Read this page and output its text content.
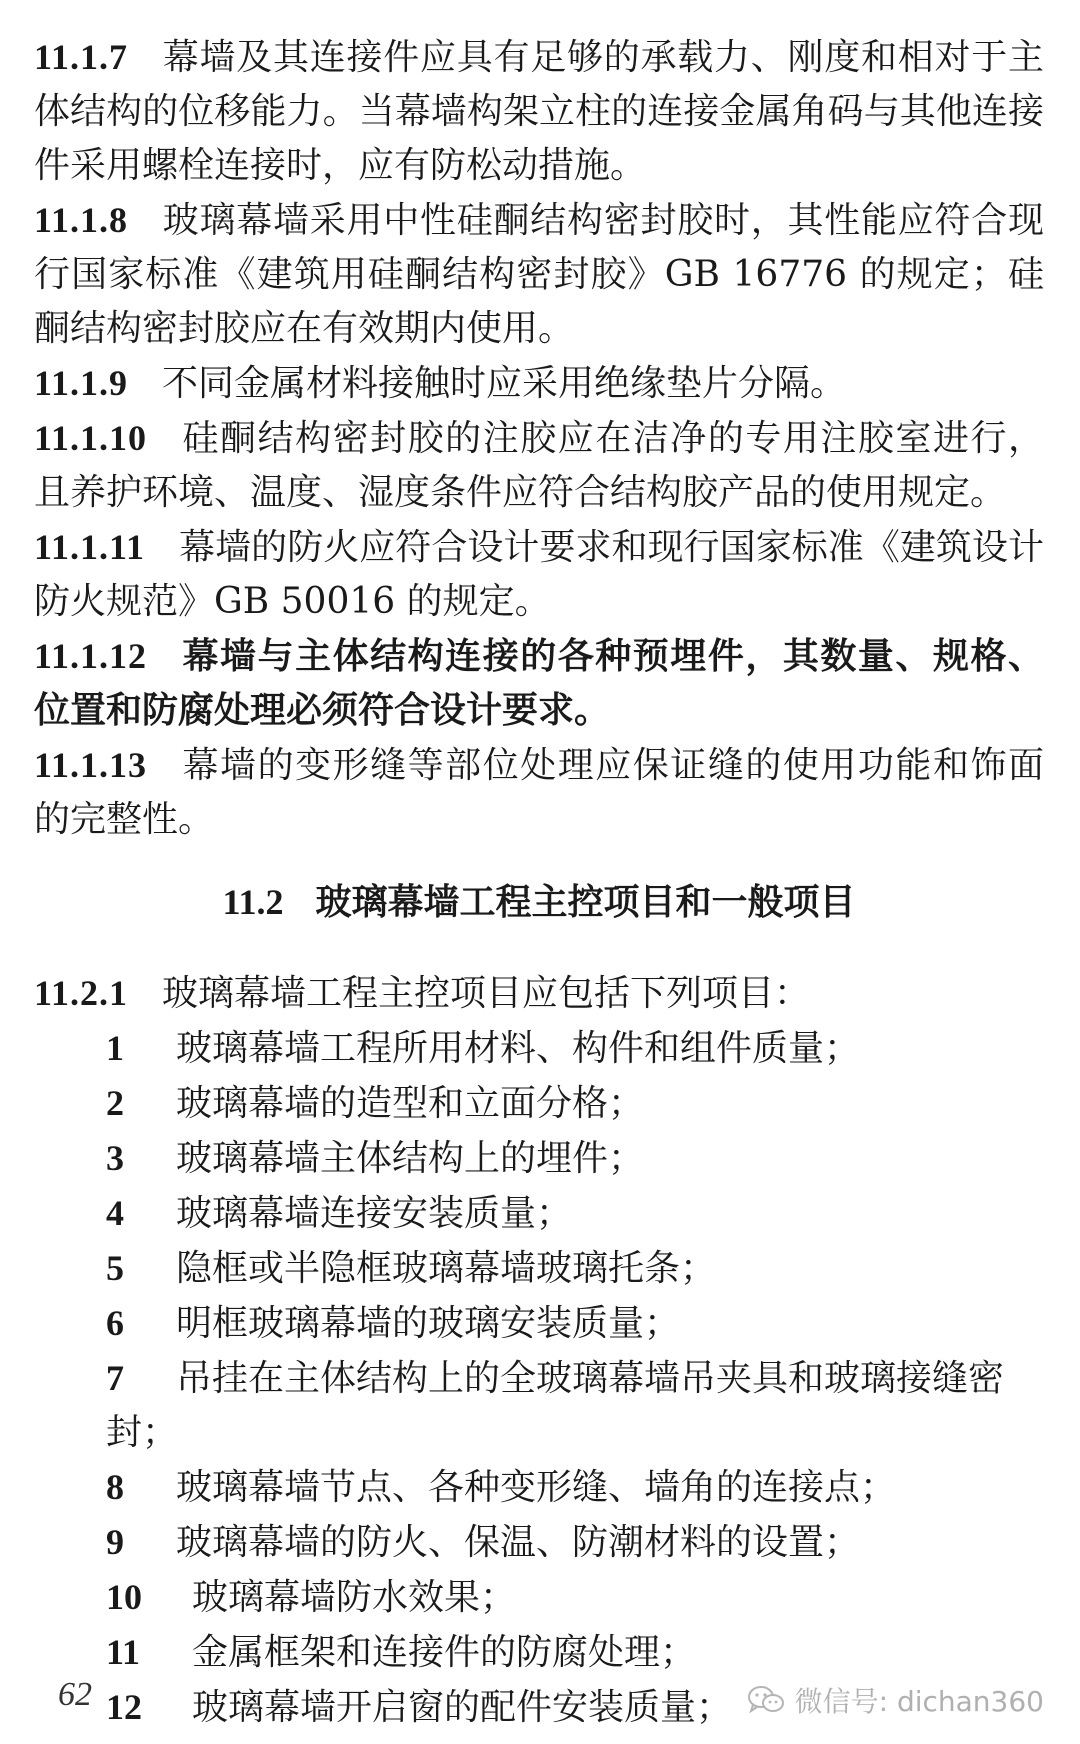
11.1.7 幕墙及其连接件应具有足够的承载力、刚度和相对于主体结构的位移能力。当幕墙构架立柱的连接金属角码与其他连接件采用螺栓连接时，应有防松动措施。

11.1.8 玻璃幕墙采用中性硅酮结构密封胶时，其性能应符合现行国家标准《建筑用硅酮结构密封胶》GB 16776 的规定；硅酮结构密封胶应在有效期内使用。

11.1.9 不同金属材料接触时应采用绝缘垫片分隔。

11.1.10 硅酮结构密封胶的注胶应在洁净的专用注胶室进行，且养护环境、温度、湿度条件应符合结构胶产品的使用规定。

11.1.11 幕墙的防火应符合设计要求和现行国家标准《建筑设计防火规范》GB 50016 的规定。

11.1.12 幕墙与主体结构连接的各种预埋件，其数量、规格、位置和防腐处理必须符合设计要求。

11.1.13 幕墙的变形缝等部位处理应保证缝的使用功能和饰面的完整性。

11.2 玻璃幕墙工程主控项目和一般项目

11.2.1 玻璃幕墙工程主控项目应包括下列项目：

1 玻璃幕墙工程所用材料、构件和组件质量；
2 玻璃幕墙的造型和立面分格；
3 玻璃幕墙主体结构上的埋件；
4 玻璃幕墙连接安装质量；
5 隐框或半隐框玻璃幕墙玻璃托条；
6 明框玻璃幕墙的玻璃安装质量；
7 吊挂在主体结构上的全玻璃幕墙吊夹具和玻璃接缝密封；
8 玻璃幕墙节点、各种变形缝、墙角的连接点；
9 玻璃幕墙的防火、保温、防潮材料的设置；
10 玻璃幕墙防水效果；
11 金属框架和连接件的防腐处理；
12 玻璃幕墙开启窗的配件安装质量；
62	微信号: dichan360
